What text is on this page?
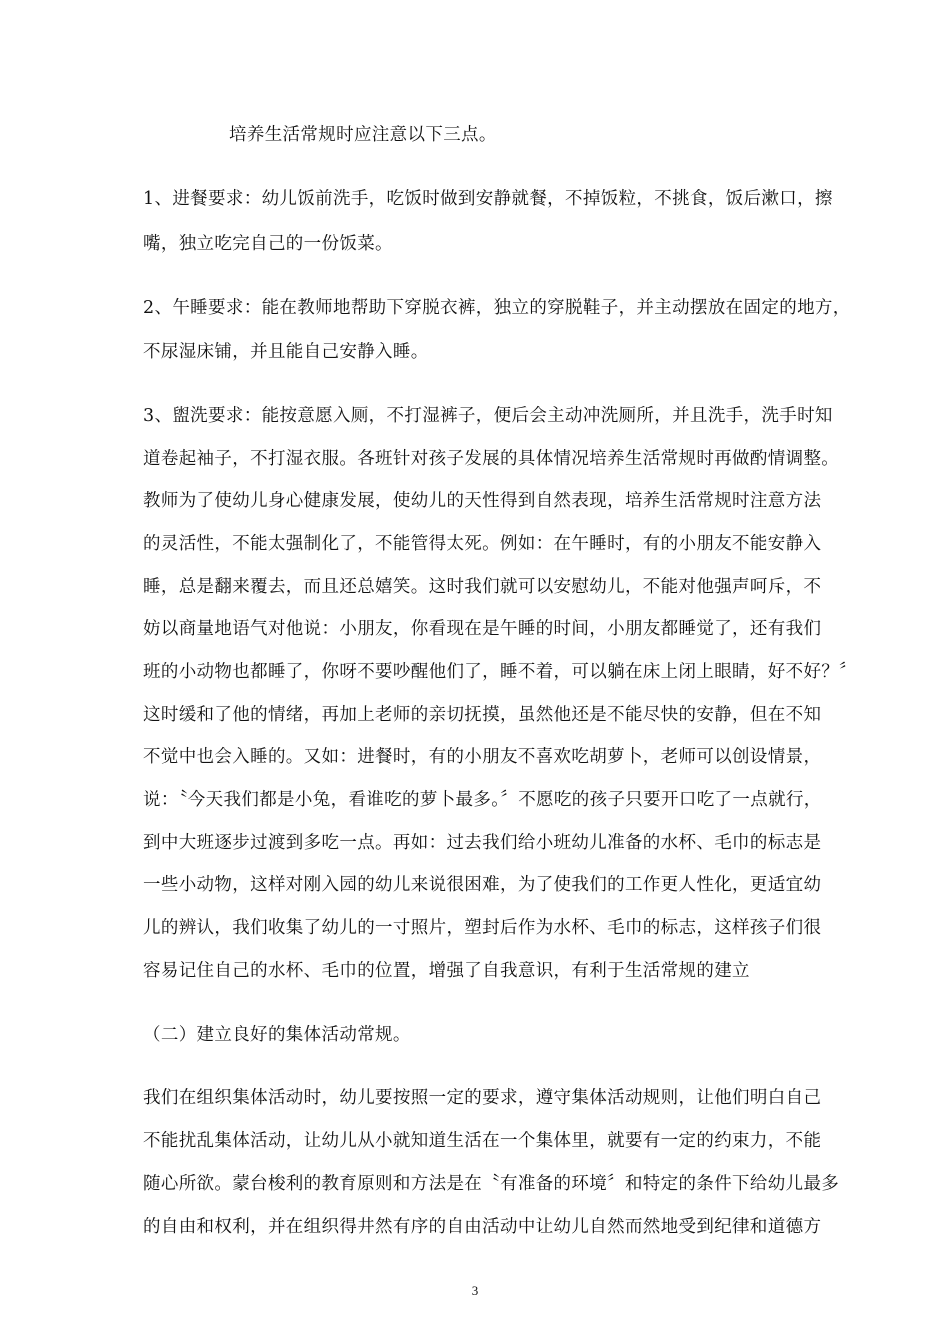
培养生活常规时应注意以下三点。
1、进餐要求：幼儿饭前洗手，吃饭时做到安静就餐，不掉饭粒，不挑食，饭后漱口，擦
嘴，独立吃完自己的一份饭菜。
2、午睡要求：能在教师地帮助下穿脱衣裤，独立的穿脱鞋子，并主动摆放在固定的地方，
不尿湿床铺，并且能自己安静入睡。
3、盥洗要求：能按意愿入厕，不打湿裤子，便后会主动冲洗厕所，并且洗手，洗手时知
道卷起袖子，不打湿衣服。各班针对孩子发展的具体情况培养生活常规时再做酌情调整。
教师为了使幼儿身心健康发展，使幼儿的天性得到自然表现，培养生活常规时注意方法
的灵活性，不能太强制化了，不能管得太死。例如：在午睡时，有的小朋友不能安静入
睡，总是翻来覆去，而且还总嬉笑。这时我们就可以安慰幼儿，不能对他强声呵斥，不
妨以商量地语气对他说：小朋友，你看现在是午睡的时间，小朋友都睡觉了，还有我们
班的小动物也都睡了，你呀不要吵醒他们了，睡不着，可以躺在床上闭上眼睛，好不好？〞
这时缓和了他的情绪，再加上老师的亲切抚摸，虽然他还是不能尽快的安静，但在不知
不觉中也会入睡的。又如：进餐时，有的小朋友不喜欢吃胡萝卜，老师可以创设情景，
说：〝今天我们都是小兔，看谁吃的萝卜最多。〞不愿吃的孩子只要开口吃了一点就行，
到中大班逐步过渡到多吃一点。再如：过去我们给小班幼儿准备的水杯、毛巾的标志是
一些小动物，这样对刚入园的幼儿来说很困难，为了使我们的工作更人性化，更适宜幼
儿的辨认，我们收集了幼儿的一寸照片，塑封后作为水杯、毛巾的标志，这样孩子们很
容易记住自己的水杯、毛巾的位置，增强了自我意识，有利于生活常规的建立
（二）建立良好的集体活动常规。
我们在组织集体活动时，幼儿要按照一定的要求，遵守集体活动规则，让他们明白自己
不能扰乱集体活动，让幼儿从小就知道生活在一个集体里，就要有一定的约束力，不能
随心所欲。蒙台梭利的教育原则和方法是在〝有准备的环境〞和特定的条件下给幼儿最多
的自由和权利，并在组织得井然有序的自由活动中让幼儿自然而然地受到纪律和道德方
3
